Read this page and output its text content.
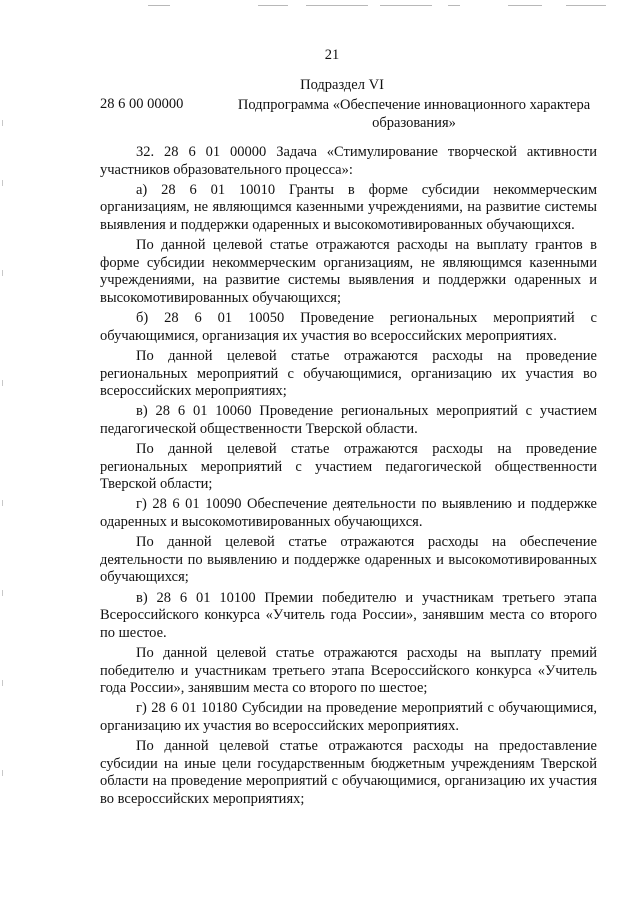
21
Подраздел VI
28 6 00 00000	Подпрограмма «Обеспечение инновационного характера образования»

32. 28 6 01 00000 Задача «Стимулирование творческой активности участников образовательного процесса»:

а) 28 6 01 10010 Гранты в форме субсидии некоммерческим организациям, не являющимся казенными учреждениями, на развитие системы выявления и поддержки одаренных и высокомотивированных обучающихся.

По данной целевой статье отражаются расходы на выплату грантов в форме субсидии некоммерческим организациям, не являющимся казенными учреждениями, на развитие системы выявления и поддержки одаренных и высокомотивированных обучающихся;

б) 28 6 01 10050 Проведение региональных мероприятий с обучающимися, организация их участия во всероссийских мероприятиях.

По данной целевой статье отражаются расходы на проведение региональных мероприятий с обучающимися, организацию их участия во всероссийских мероприятиях;

в) 28 6 01 10060 Проведение региональных мероприятий с участием педагогической общественности Тверской области.

По данной целевой статье отражаются расходы на проведение региональных мероприятий с участием педагогической общественности Тверской области;

г) 28 6 01 10090 Обеспечение деятельности по выявлению и поддержке одаренных и высокомотивированных обучающихся.

По данной целевой статье отражаются расходы на обеспечение деятельности по выявлению и поддержке одаренных и высокомотивированных обучающихся;

в) 28 6 01 10100 Премии победителю и участникам третьего этапа Всероссийского конкурса «Учитель года России», занявшим места со второго по шестое.

По данной целевой статье отражаются расходы на выплату премий победителю и участникам третьего этапа Всероссийского конкурса «Учитель года России», занявшим места со второго по шестое;

г) 28 6 01 10180 Субсидии на проведение мероприятий с обучающимися, организацию их участия во всероссийских мероприятиях.

По данной целевой статье отражаются расходы на предоставление субсидии на иные цели государственным бюджетным учреждениям Тверской области на проведение мероприятий с обучающимися, организацию их участия во всероссийских мероприятиях;
